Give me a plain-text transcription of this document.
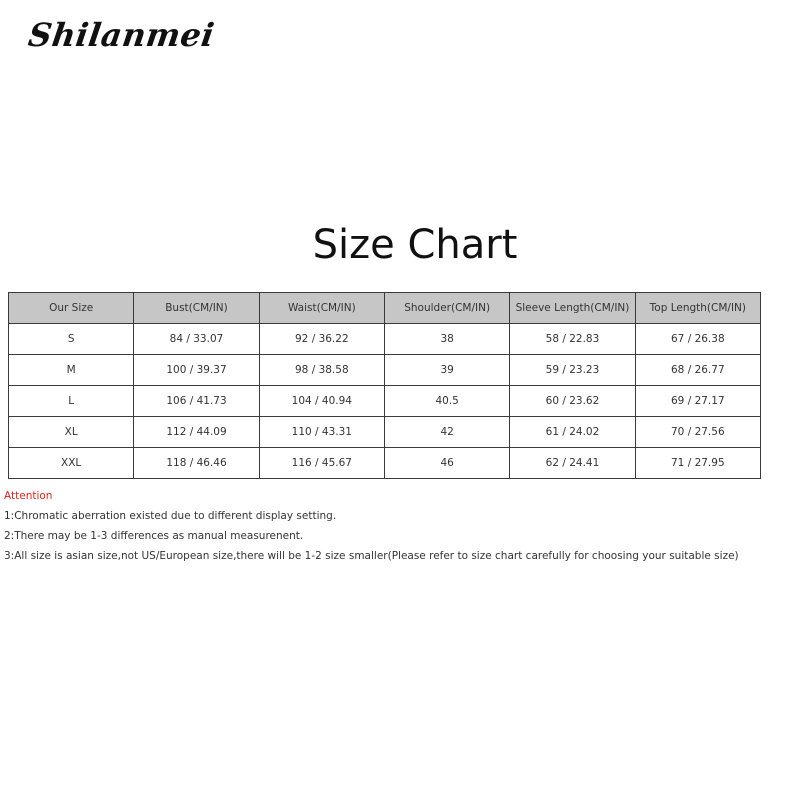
Shilanmei
Size Chart
Our Size	Bust(CM/IN)	Waist(CM/IN)	Shoulder(CM/IN)	Sleeve Length(CM/IN)	Top Length(CM/IN)
S	84 / 33.07	92 / 36.22	38	58 / 22.83	67 / 26.38
M	100 / 39.37	98 / 38.58	39	59 / 23.23	68 / 26.77
L	106 / 41.73	104 / 40.94	40.5	60 / 23.62	69 / 27.17
XL	112 / 44.09	110 / 43.31	42	61 / 24.02	70 / 27.56
XXL	118 / 46.46	116 / 45.67	46	62 / 24.41	71 / 27.95
Attention
1:Chromatic aberration existed due to different display setting.
2:There may be 1-3 differences as manual measurenent.
3:All size is asian size,not US/European size,there will be 1-2 size smaller(Please refer to size chart carefully for choosing your suitable size)
